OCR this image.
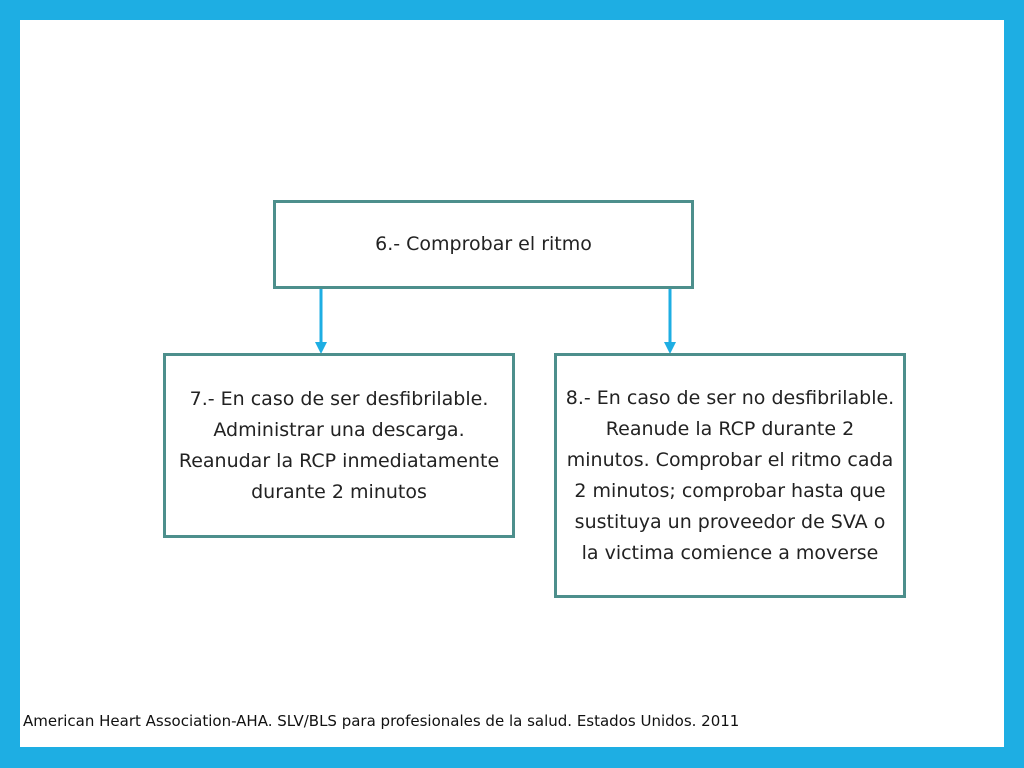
6.- Comprobar el ritmo
7.- En caso de ser desfibrilable. Administrar una descarga. Reanudar la RCP inmediatamente durante 2 minutos
8.- En caso de ser no desfibrilable. Reanude la RCP durante 2 minutos. Comprobar el ritmo cada 2 minutos; comprobar hasta que sustituya un proveedor de SVA o la victima comience a moverse
American Heart Association-AHA. SLV/BLS para profesionales de la salud. Estados Unidos. 2011
